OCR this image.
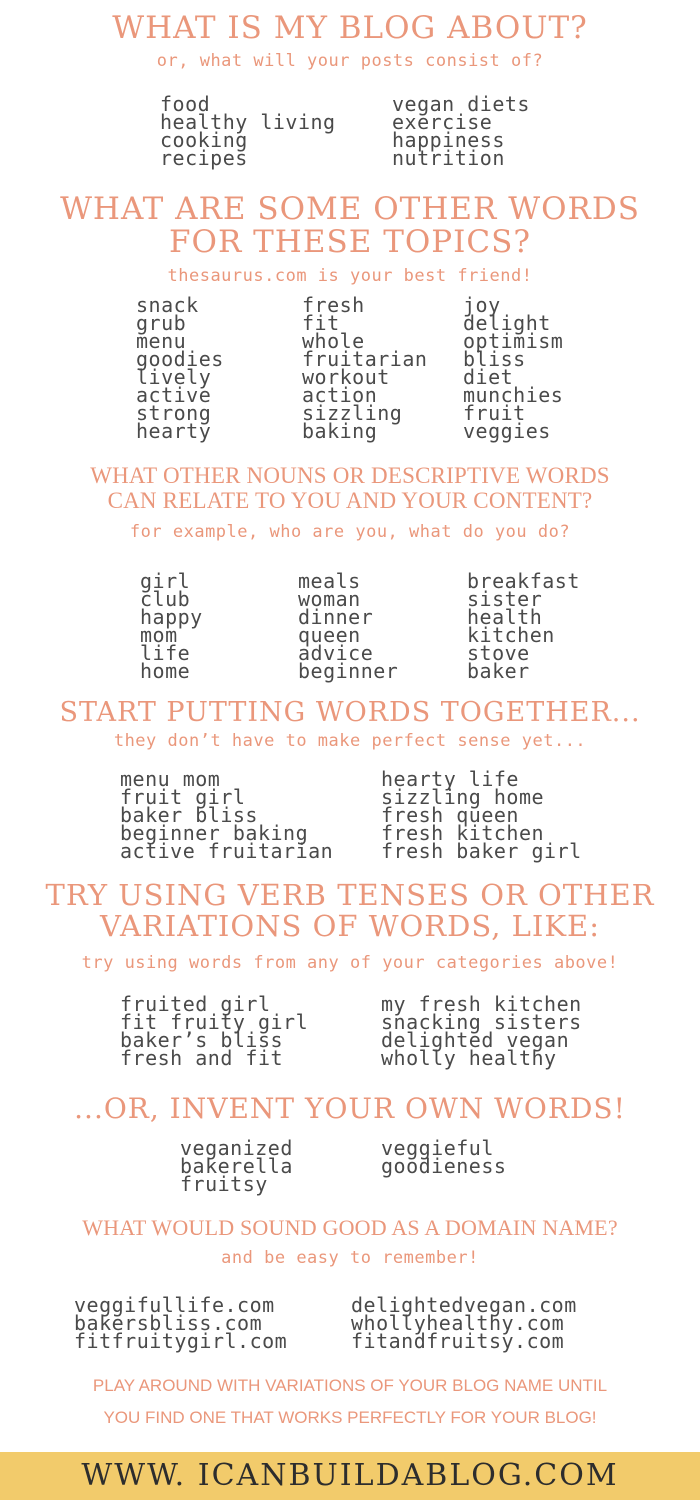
WHAT IS MY BLOG ABOUT?

or, what will your posts consist of?

food
healthy living
cooking
recipes
vegan diets
exercise
happiness
nutrition

WHAT ARE SOME OTHER WORDS

FOR THESE TOPICS?

thesaurus.com is your best friend!

snack
grub
menu
goodies
lively
active
strong
hearty
fresh
fit
whole
fruitarian
workout
action
sizzling
baking
joy
delight
optimism
bliss
diet
munchies
fruit
veggies

WHAT OTHER NOUNS OR DESCRIPTIVE WORDS

CAN RELATE TO YOU AND YOUR CONTENT?

for example, who are you, what do you do?

girl
club
happy
mom
life
home
meals
woman
dinner
queen
advice
beginner
breakfast
sister
health
kitchen
stove
baker

START PUTTING WORDS TOGETHER...

they don’t have to make perfect sense yet...

menu mom
fruit girl
baker bliss
beginner baking
active fruitarian
hearty life
sizzling home
fresh queen
fresh kitchen
fresh baker girl

TRY USING VERB TENSES OR OTHER

VARIATIONS OF WORDS, LIKE:

try using words from any of your categories above!

fruited girl
fit fruity girl
baker’s bliss
fresh and fit
my fresh kitchen
snacking sisters
delighted vegan
wholly healthy

...OR, INVENT YOUR OWN WORDS!

veganized
bakerella
fruitsy
veggieful
goodieness

WHAT WOULD SOUND GOOD AS A DOMAIN NAME?

and be easy to remember!

veggifullife.com
bakersbliss.com
fitfruitygirl.com
delightedvegan.com
whollyhealthy.com
fitandfruitsy.com

PLAY AROUND WITH VARIATIONS OF YOUR BLOG NAME UNTIL

YOU FIND ONE THAT WORKS PERFECTLY FOR YOUR BLOG!

WWW. ICANBUILDABLOG.COM
